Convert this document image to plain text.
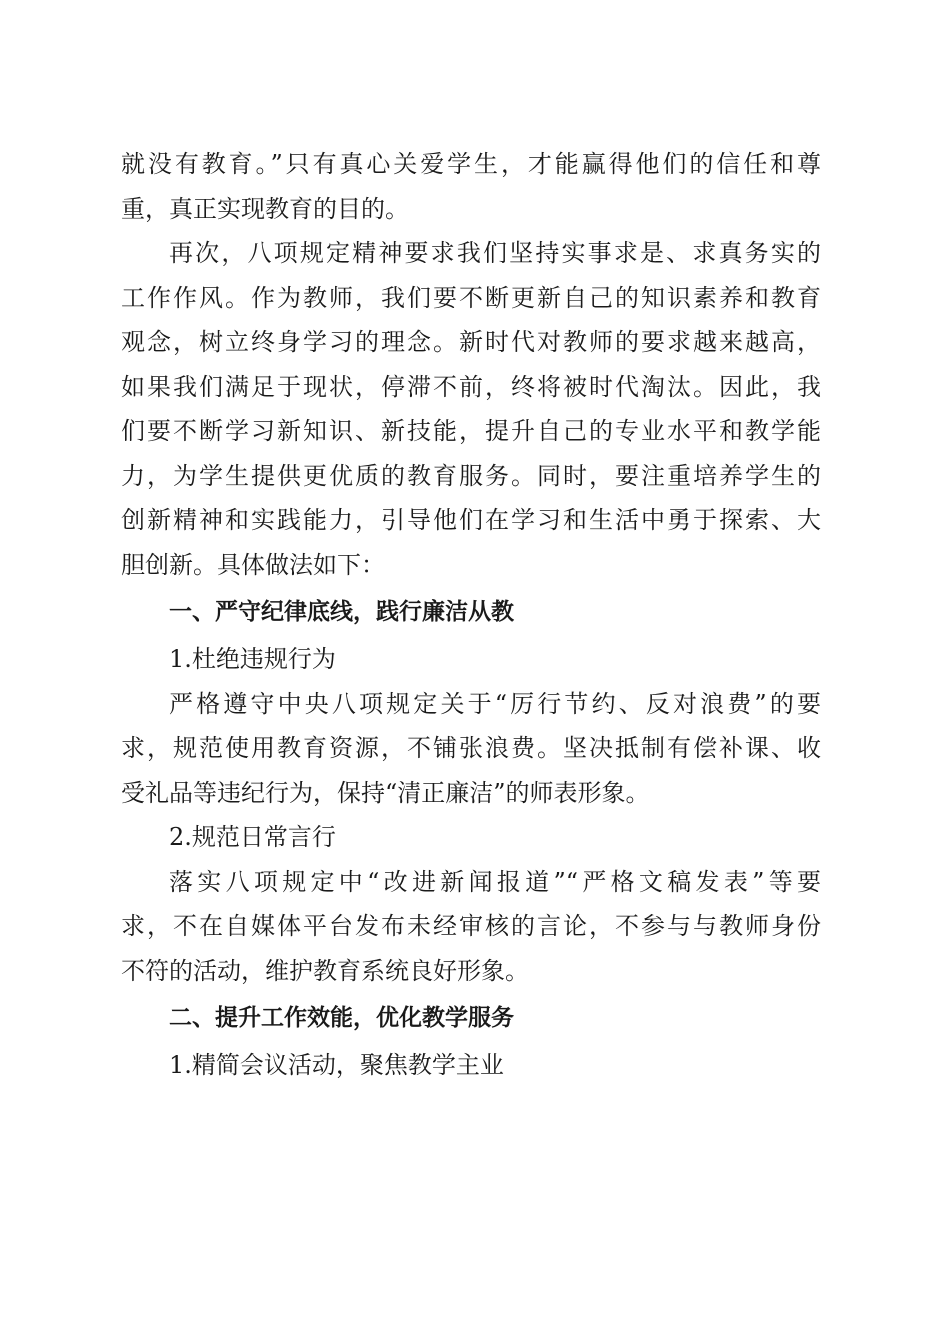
就没有教育。”只有真心关爱学生，才能赢得他们的信任和尊
重，真正实现教育的目的。
再次，八项规定精神要求我们坚持实事求是、求真务实的
工作作风。作为教师，我们要不断更新自己的知识素养和教育
观念，树立终身学习的理念。新时代对教师的要求越来越高，
如果我们满足于现状，停滞不前，终将被时代淘汰。因此，我
们要不断学习新知识、新技能，提升自己的专业水平和教学能
力，为学生提供更优质的教育服务。同时，要注重培养学生的
创新精神和实践能力，引导他们在学习和生活中勇于探索、大
胆创新。具体做法如下：
一、严守纪律底线，践行廉洁从教
1.杜绝违规行为
严格遵守中央八项规定关于“厉行节约、反对浪费”的要
求，规范使用教育资源，不铺张浪费。坚决抵制有偿补课、收
受礼品等违纪行为，保持“清正廉洁”的师表形象。
2.规范日常言行
落实八项规定中“改进新闻报道”“严格文稿发表”等要
求，不在自媒体平台发布未经审核的言论，不参与与教师身份
不符的活动，维护教育系统良好形象。
二、提升工作效能，优化教学服务
1.精简会议活动，聚焦教学主业
